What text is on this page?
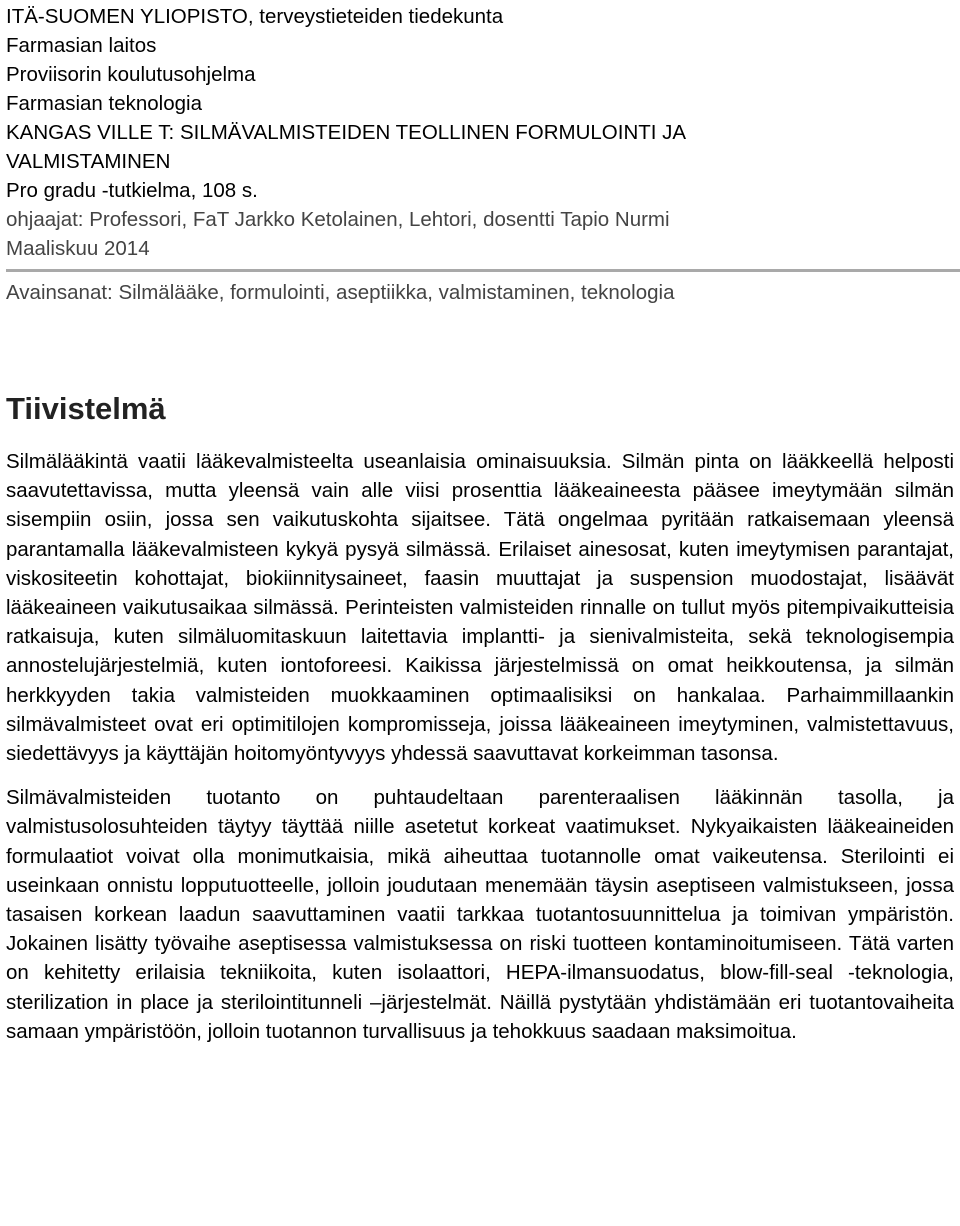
ITÄ-SUOMEN YLIOPISTO, terveystieteiden tiedekunta
Farmasian laitos
Proviisorin koulutusohjelma
Farmasian teknologia
KANGAS VILLE T: SILMÄVALMISTEIDEN TEOLLINEN FORMULOINTI JA
VALMISTAMINEN
Pro gradu -tutkielma, 108 s.
ohjaajat: Professori, FaT Jarkko Ketolainen, Lehtori, dosentti Tapio Nurmi
Maaliskuu 2014
Avainsanat: Silmälääke, formulointi, aseptiikka, valmistaminen, teknologia
Tiivistelmä

Silmälääkintä vaatii lääkevalmisteelta useanlaisia ominaisuuksia. Silmän pinta on lääkkeellä helposti saavutettavissa, mutta yleensä vain alle viisi prosenttia lääkeaineesta pääsee imeytymään silmän sisempiin osiin, jossa sen vaikutuskohta sijaitsee. Tätä ongelmaa pyritään ratkaisemaan yleensä parantamalla lääkevalmisteen kykyä pysyä silmässä. Erilaiset ainesosat, kuten imeytymisen parantajat, viskositeetin kohottajat, biokiinnitysaineet, faasin muuttajat ja suspension muodostajat, lisäävät lääkeaineen vaikutusaikaa silmässä. Perinteisten valmisteiden rinnalle on tullut myös pitempivaikutteisia ratkaisuja, kuten silmäluomitaskuun laitettavia implantti- ja sienivalmisteita, sekä teknologisempia annostelujärjestelmiä, kuten iontoforeesi. Kaikissa järjestelmissä on omat heikkoutensa, ja silmän herkkyyden takia valmisteiden muokkaaminen optimaalisiksi on hankalaa. Parhaimmillaankin silmävalmisteet ovat eri optimitilojen kompromisseja, joissa lääkeaineen imeytyminen, valmistettavuus, siedettävyys ja käyttäjän hoitomyöntyvyys yhdessä saavuttavat korkeimman tasonsa.

Silmävalmisteiden tuotanto on puhtaudeltaan parenteraalisen lääkinnän tasolla, ja valmistusolosuhteiden täytyy täyttää niille asetetut korkeat vaatimukset. Nykyaikaisten lääkeaineiden formulaatiot voivat olla monimutkaisia, mikä aiheuttaa tuotannolle omat vaikeutensa. Sterilointi ei useinkaan onnistu lopputuotteelle, jolloin joudutaan menemään täysin aseptiseen valmistukseen, jossa tasaisen korkean laadun saavuttaminen vaatii tarkkaa tuotantosuunnittelua ja toimivan ympäristön. Jokainen lisätty työvaihe aseptisessa valmistuksessa on riski tuotteen kontaminoitumiseen. Tätä varten on kehitetty erilaisia tekniikoita, kuten isolaattori, HEPA-ilmansuodatus, blow-fill-seal -teknologia, sterilization in place ja sterilointitunneli –järjestelmät. Näillä pystytään yhdistämään eri tuotantovaiheita samaan ympäristöön, jolloin tuotannon turvallisuus ja tehokkuus saadaan maksimoitua.
